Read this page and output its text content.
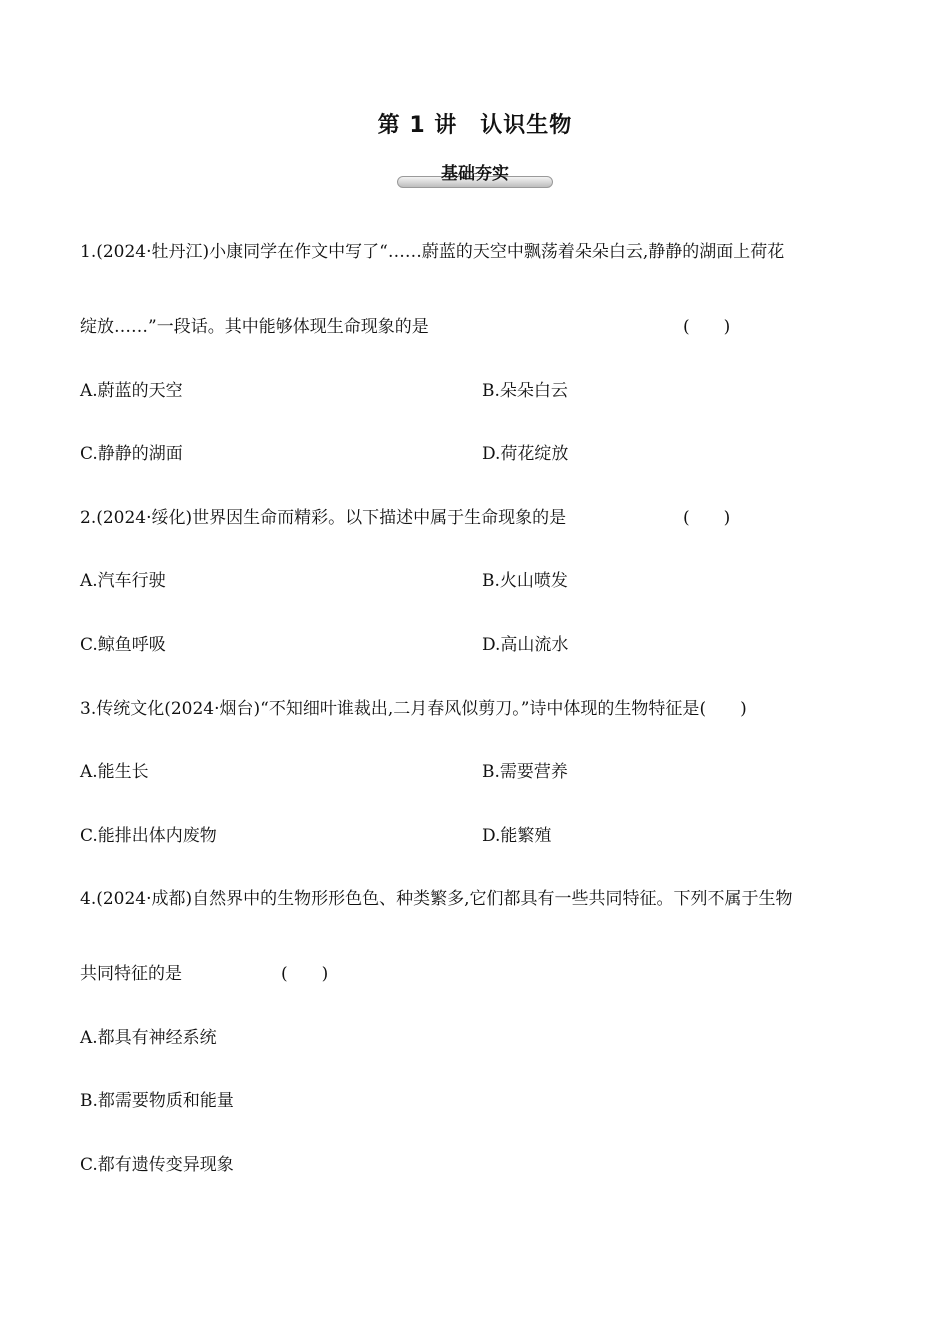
第 1 讲　认识生物
基础夯实
1.(2024·牡丹江)小康同学在作文中写了“……蔚蓝的天空中飘荡着朵朵白云,静静的湖面上荷花
绽放……”一段话。其中能够体现生命现象的是	(　　)
A.蔚蓝的天空	B.朵朵白云
C.静静的湖面	D.荷花绽放
2.(2024·绥化)世界因生命而精彩。以下描述中属于生命现象的是	(　　)
A.汽车行驶	B.火山喷发
C.鲸鱼呼吸	D.高山流水
3.传统文化(2024·烟台)“不知细叶谁裁出,二月春风似剪刀。”诗中体现的生物特征是(　　)
A.能生长	B.需要营养
C.能排出体内废物	D.能繁殖
4.(2024·成都)自然界中的生物形形色色、种类繁多,它们都具有一些共同特征。下列不属于生物
共同特征的是	(　　)
A.都具有神经系统
B.都需要物质和能量
C.都有遗传变异现象
